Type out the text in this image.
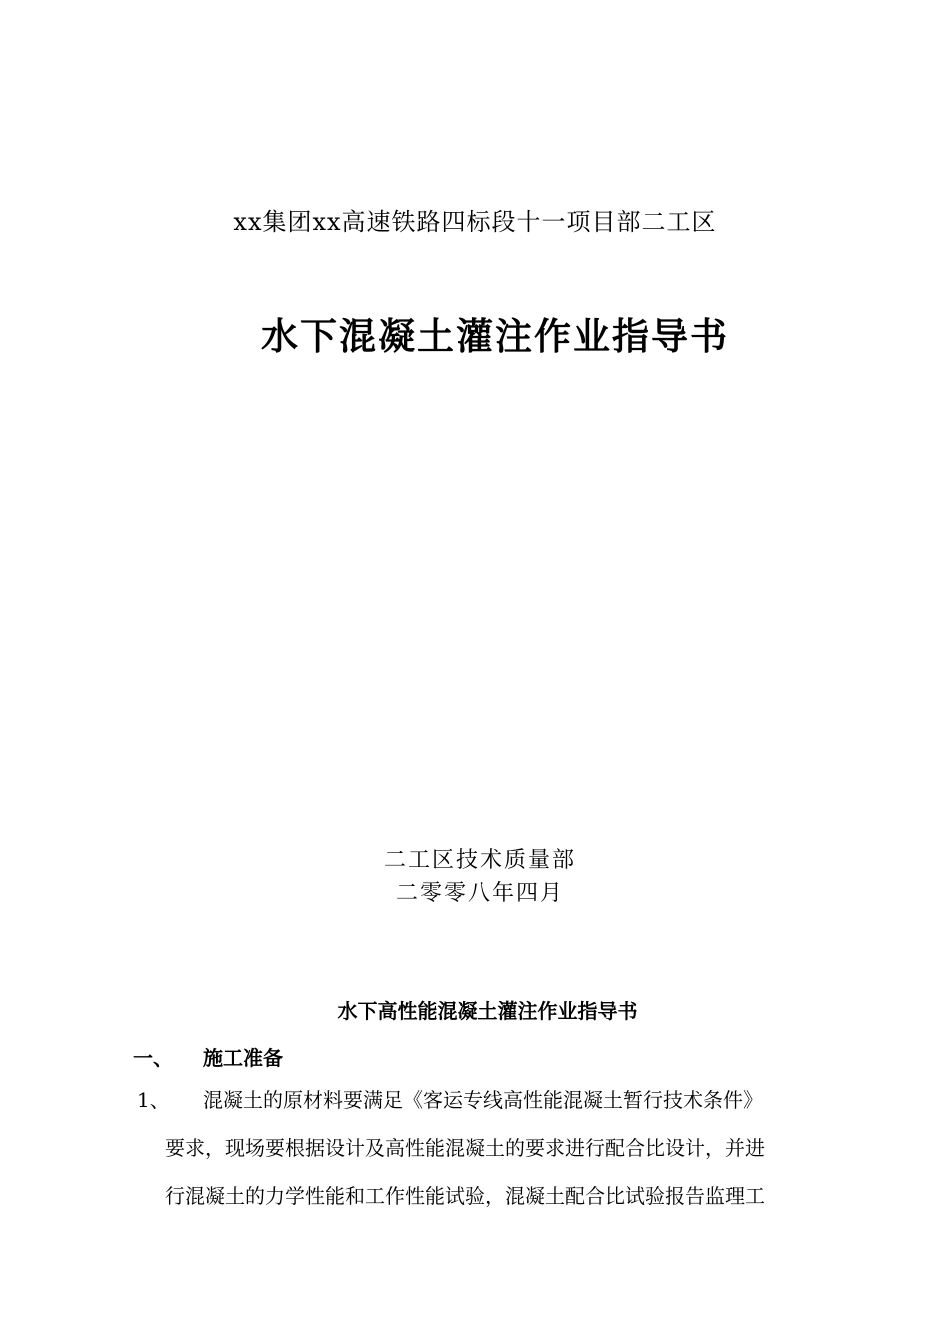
xx集团xx高速铁路四标段十一项目部二工区
水下混凝土灌注作业指导书
二工区技术质量部
二零零八年四月
水下高性能混凝土灌注作业指导书
一、 施工准备
1、 混凝土的原材料要满足《客运专线高性能混凝土暂行技术条件》
要求，现场要根据设计及高性能混凝土的要求进行配合比设计，并进
行混凝土的力学性能和工作性能试验，混凝土配合比试验报告监理工
